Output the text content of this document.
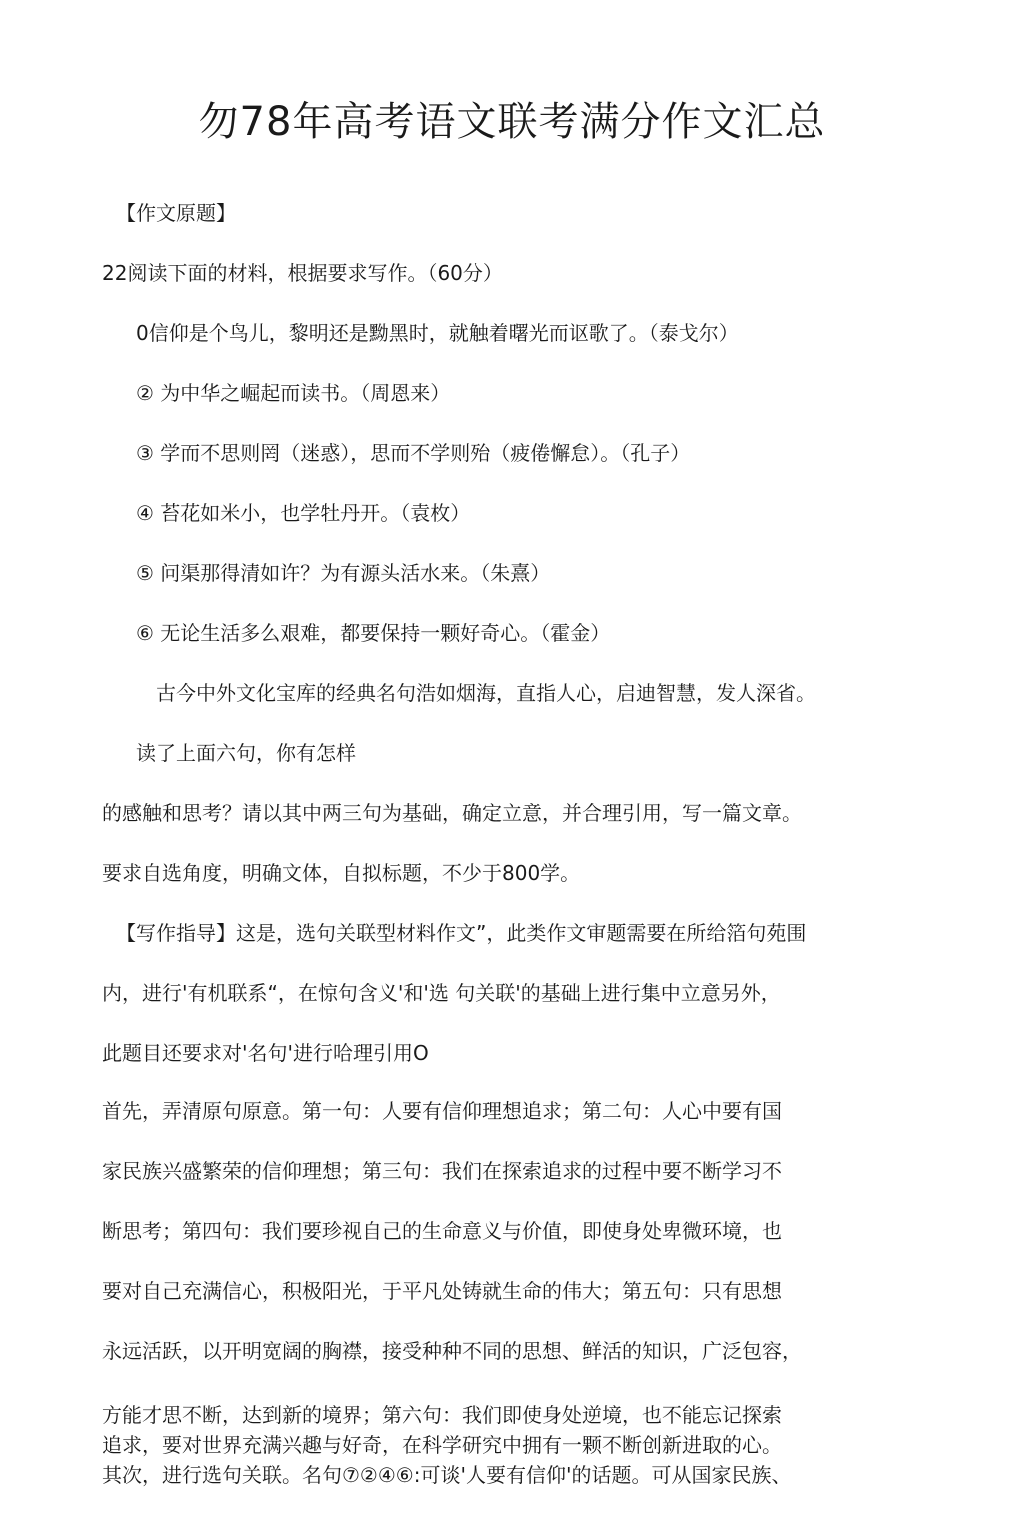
勿78年高考语文联考满分作文汇总
【作文原题】
22阅读下面的材料，根据要求写作。（60分）
0信仰是个鸟儿，黎明还是黝黑时，就触着曙光而讴歌了。（泰戈尔）
② 为中华之崛起而读书。（周恩来）
③ 学而不思则罔（迷惑），思而不学则殆（疲倦懈怠）。（孔子）
④ 苔花如米小，也学牡丹开。（袁枚）
⑤ 问渠那得清如许？为有源头活水来。（朱熹）
⑥ 无论生活多么艰难，都要保持一颗好奇心。（霍金）
古今中外文化宝库的经典名句浩如烟海，直指人心，启迪智慧，发人深省。
读了上面六句，你有怎样
的感触和思考？请以其中两三句为基础，确定立意，并合理引用，写一篇文章。
要求自选角度，明确文体，自拟标题，不少于800学。
【写作指导】这是，选句关联型材料作文”，此类作文审题需要在所给箔句苑围
内，进行'有机联系“，在惊句含义'和'选 句关联'的基础上进行集中立意另外，
此题目还要求对'名句'进行哈理引用O
首先，弄清原句原意。第一句：人要有信仰理想追求；第二句：人心中要有国
家民族兴盛繁荣的信仰理想；第三句：我们在探索追求的过程中要不断学习不
断思考；第四句：我们要珍视自己的生命意义与价值，即使身处卑微环境，也
要对自己充满信心，积极阳光，于平凡处铸就生命的伟大；第五句：只有思想
永远活跃，以开明宽阔的胸襟，接受种种不同的思想、鲜活的知识，广泛包容，
方能才思不断，达到新的境界；第六句：我们即使身处逆境，也不能忘记探索
追求，要对世界充满兴趣与好奇，在科学研究中拥有一颗不断创新进取的心。
其次，进行选句关联。名句⑦②④⑥:可谈'人要有信仰'的话题。可从国家民族、
